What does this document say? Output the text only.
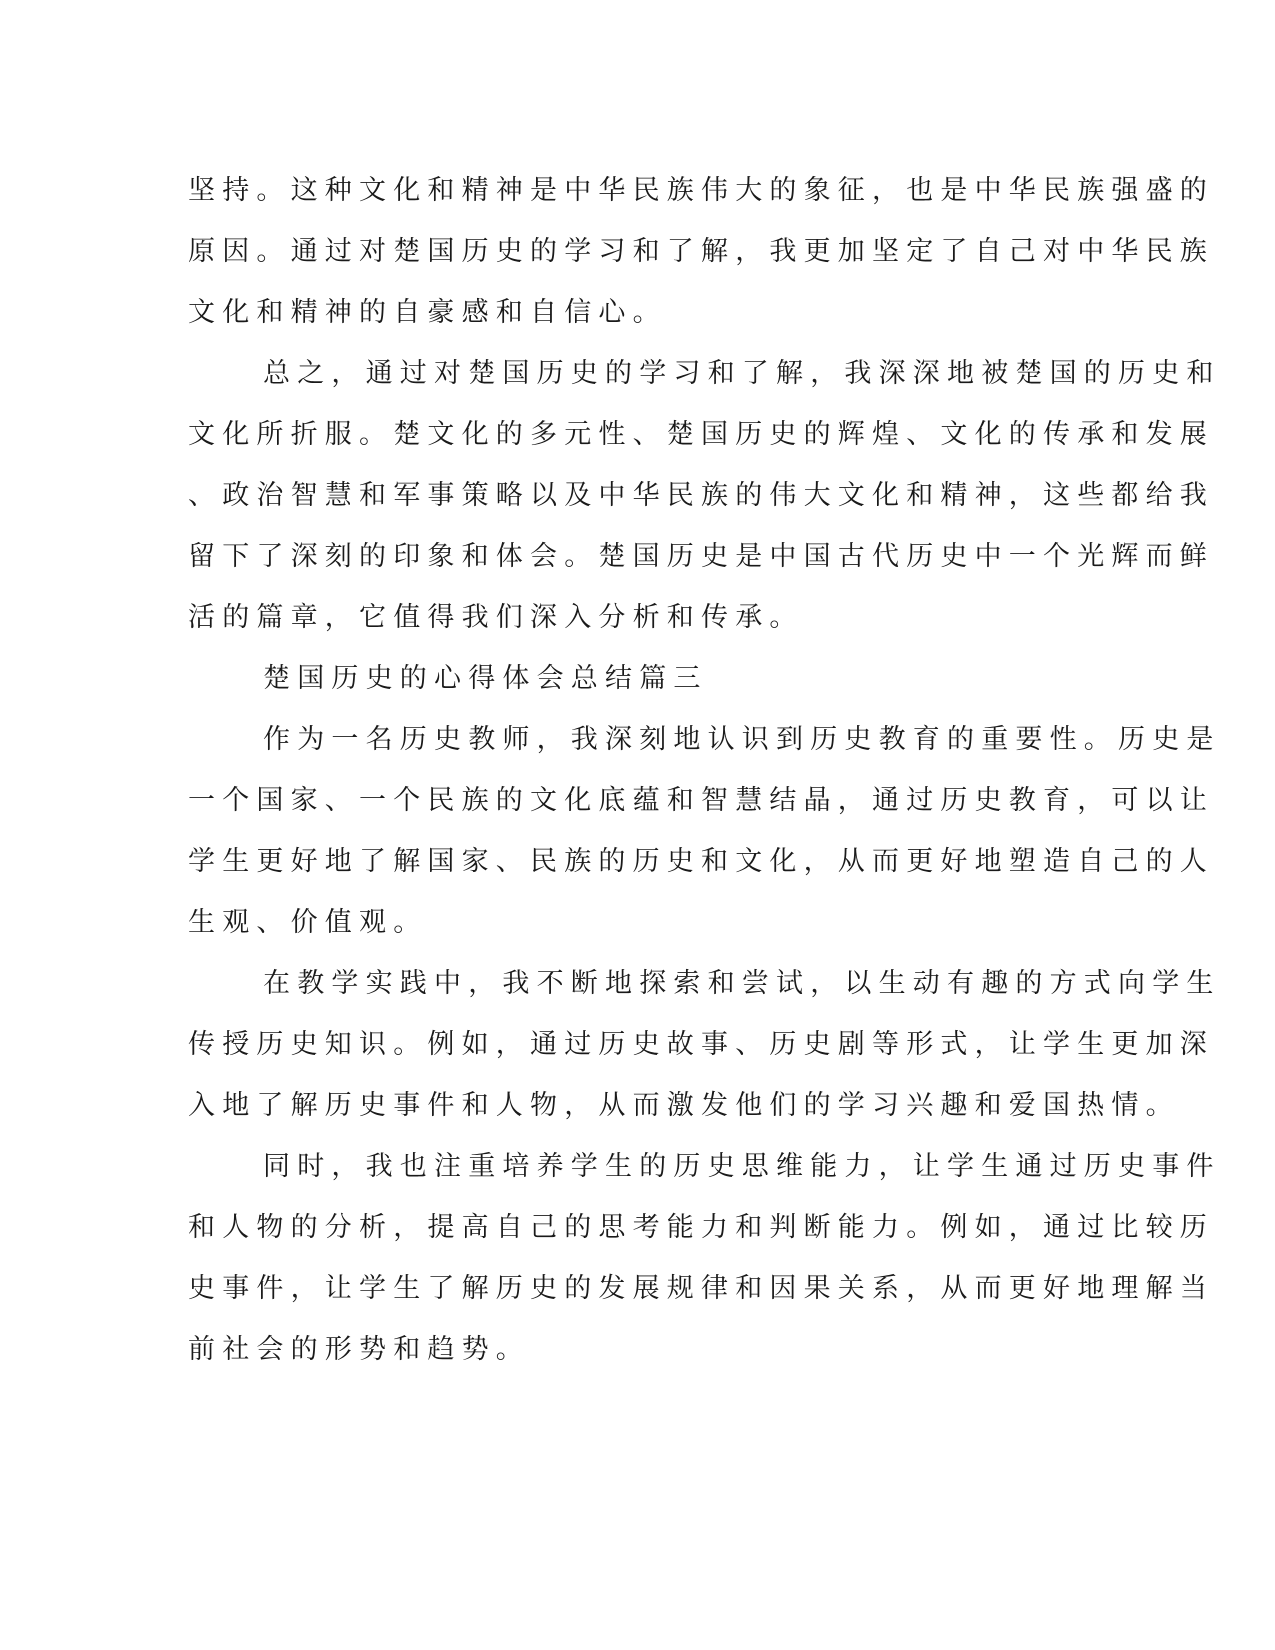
坚持。这种文化和精神是中华民族伟大的象征，也是中华民族强盛的
原因。通过对楚国历史的学习和了解，我更加坚定了自己对中华民族
文化和精神的自豪感和自信心。
总之，通过对楚国历史的学习和了解，我深深地被楚国的历史和
文化所折服。楚文化的多元性、楚国历史的辉煌、文化的传承和发展
、政治智慧和军事策略以及中华民族的伟大文化和精神，这些都给我
留下了深刻的印象和体会。楚国历史是中国古代历史中一个光辉而鲜
活的篇章，它值得我们深入分析和传承。
楚国历史的心得体会总结篇三
作为一名历史教师，我深刻地认识到历史教育的重要性。历史是
一个国家、一个民族的文化底蕴和智慧结晶，通过历史教育，可以让
学生更好地了解国家、民族的历史和文化，从而更好地塑造自己的人
生观、价值观。
在教学实践中，我不断地探索和尝试，以生动有趣的方式向学生
传授历史知识。例如，通过历史故事、历史剧等形式，让学生更加深
入地了解历史事件和人物，从而激发他们的学习兴趣和爱国热情。
同时，我也注重培养学生的历史思维能力，让学生通过历史事件
和人物的分析，提高自己的思考能力和判断能力。例如，通过比较历
史事件，让学生了解历史的发展规律和因果关系，从而更好地理解当
前社会的形势和趋势。
